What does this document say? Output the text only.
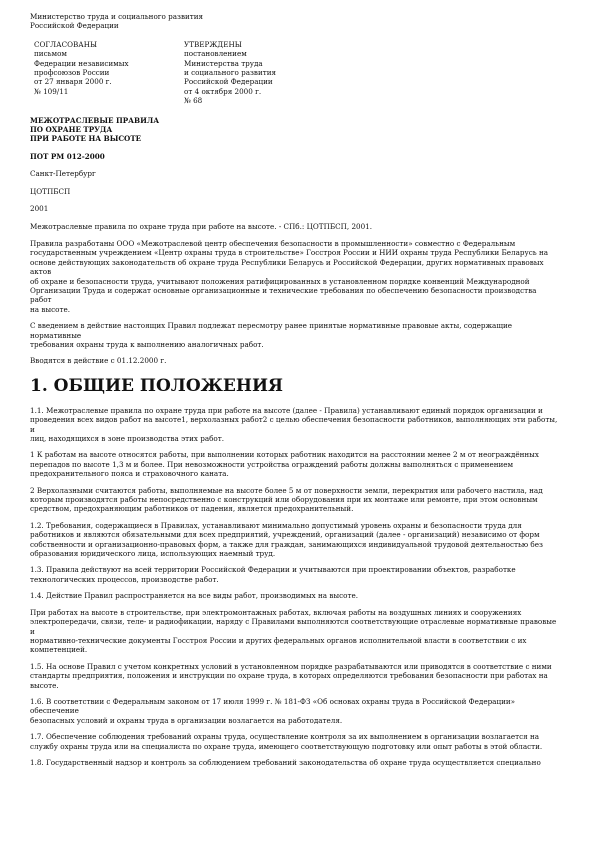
Министерство труда и социального развития

Российской Федерации

СОГЛАСОВАНЫ

письмом

Федерации независимых

профсоюзов России

от 27 января 2000 г.

№ 109/11

УТВЕРЖДЕНЫ

постановлением

Министерства труда

и социального развития

Российской Федерации

от 4 октября 2000 г.

№ 68

МЕЖОТРАСЛЕВЫЕ ПРАВИЛА

ПО ОХРАНЕ ТРУДА

ПРИ РАБОТЕ НА ВЫСОТЕ

ПОТ РМ 012-2000

Санкт-Петербург

ЦОТПБСП

2001

Межотраслевые правила по охране труда при работе на высоте. - СПб.: ЦОТПБСП, 2001.

Правила разработаны ООО «Межотраслевой центр обеспечения безопасности в промышленности» совместно с Федеральным
государственным учреждением «Центр охраны труда в строительстве» Госстроя России и НИИ охраны труда Республики Беларусь на
основе действующих законодательств об охране труда Республики Беларусь и Российской Федерации, других нормативных правовых актов
об охране и безопасности труда, учитывают положения ратифицированных в установленном порядке конвенций Международной
Организации Труда и содержат основные организационные и технические требования по обеспечению безопасности производства работ
на высоте.
С введением в действие настоящих Правил подлежат пересмотру ранее принятые нормативные правовые акты, содержащие нормативные
требования охраны труда к выполнению аналогичных работ.
Вводятся в действие с 01.12.2000 г.
1. ОБЩИЕ ПОЛОЖЕНИЯ
1.1. Межотраслевые правила по охране труда при работе на высоте (далее - Правила) устанавливают единый порядок организации и
проведения всех видов работ на высоте1, верхолазных работ2 с целью обеспечения безопасности работников, выполняющих эти работы, и
лиц, находящихся в зоне производства этих работ.
1 К работам на высоте относятся работы, при выполнении которых работник находится на расстоянии менее 2 м от неограждённых
перепадов по высоте 1,3 м и более. При невозможности устройства ограждений работы должны выполняться с применением
предохранительного пояса и страховочного каната.
2 Верхолазными считаются работы, выполняемые на высоте более 5 м от поверхности земли, перекрытия или рабочего настила, над
которым производятся работы непосредственно с конструкций или оборудования при их монтаже или ремонте, при этом основным
средством, предохраняющим работников от падения, является предохранительный.
1.2. Требования, содержащиеся в Правилах, устанавливают минимально допустимый уровень охраны и безопасности труда для
работников и являются обязательными для всех предприятий, учреждений, организаций (далее - организаций) независимо от форм
собственности и организационно-правовых форм, а также для граждан, занимающихся индивидуальной трудовой деятельностью без
образования юридического лица, использующих наемный труд.
1.3. Правила действуют на всей территории Российской Федерации и учитываются при проектировании объектов, разработке
технологических процессов, производстве работ.
1.4. Действие Правил распространяется на все виды работ, производимых на высоте.
При работах на высоте в строительстве, при электромонтажных работах, включая работы на воздушных линиях и сооружениях
электропередачи, связи, теле- и радиофикации, наряду с Правилами выполняются соответствующие отраслевые нормативные правовые и
нормативно-технические документы Госстроя России и других федеральных органов исполнительной власти в соответствии с их
компетенцией.
1.5. На основе Правил с учетом конкретных условий в установленном порядке разрабатываются или приводятся в соответствие с ними
стандарты предприятия, положения и инструкции по охране труда, в которых определяются требования безопасности при работах на
высоте.
1.6. В соответствии с Федеральным законом от 17 июля 1999 г. № 181-ФЗ «Об основах охраны труда в Российской Федерации» обеспечение
безопасных условий и охраны труда в организации возлагается на работодателя.
1.7. Обеспечение соблюдения требований охраны труда, осуществление контроля за их выполнением в организации возлагается на
службу охраны труда или на специалиста по охране труда, имеющего соответствующую подготовку или опыт работы в этой области.
1.8. Государственный надзор и контроль за соблюдением требований законодательства об охране труда осуществляется специально
